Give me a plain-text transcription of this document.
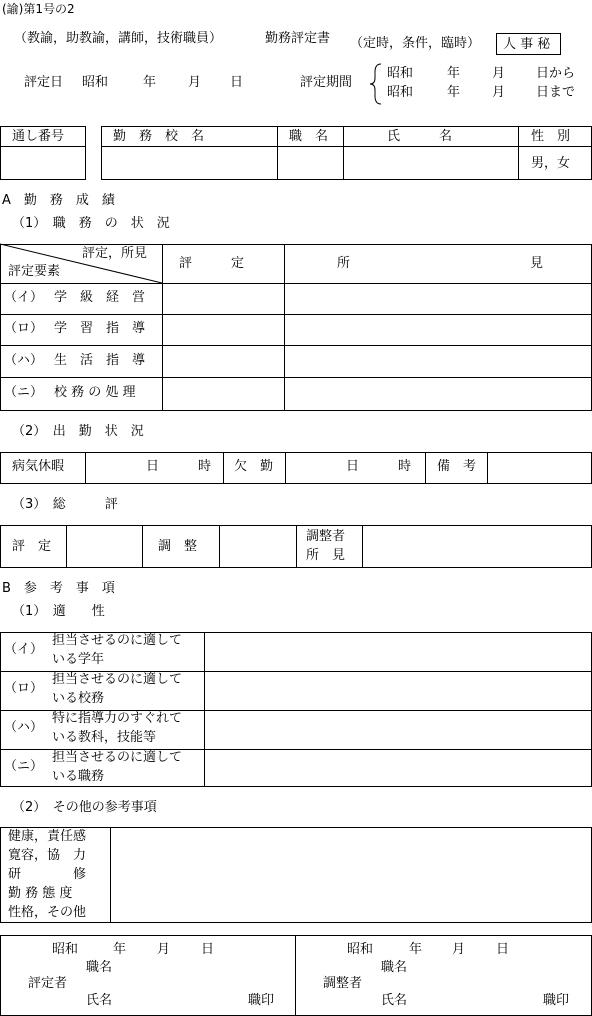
(諭)第1号の2
（教諭，助教諭，講師，技術職員）	勤務評定書 （定時，条件，臨時） 人 事 秘
評定日 昭和	年 月 日	評定期間
昭和	年 月 日から
昭和	年 月 日まで
通し番号	勤　務　校　名	職　名	氏　　　名	性　別
男，女
A　勤　務　成　績
（1）　職　務　の　状　況
評定，所見
評定要素
評　　　定	所	見
（イ） 学　級　経　営
（ロ） 学　習　指　導
（ハ） 生　活　指　導
（ニ） 校 務 の 処 理
（2）　出　勤　状　況
病気休暇	日　　　時 欠　勤	日　　　時 備　考
（3）　総　　　評
評　定	調　整
調整者
所　見
B　参　考　事　項
（1）　適　　性
（イ）
担当させるのに適して
いる学年
（ロ）
担当させるのに適して
いる校務
（ハ）
特に指導力のすぐれて
いる教科，技能等
（ニ）
担当させるのに適して
いる職務
（2）　その他の参考事項
健康，責任感
寛容，協　力
研　　　　修
勤 務 態 度
性格，その他
昭和	年 月 日
職名
評定者
氏名	職印
昭和	年 月 日
職名
調整者
氏名	職印
